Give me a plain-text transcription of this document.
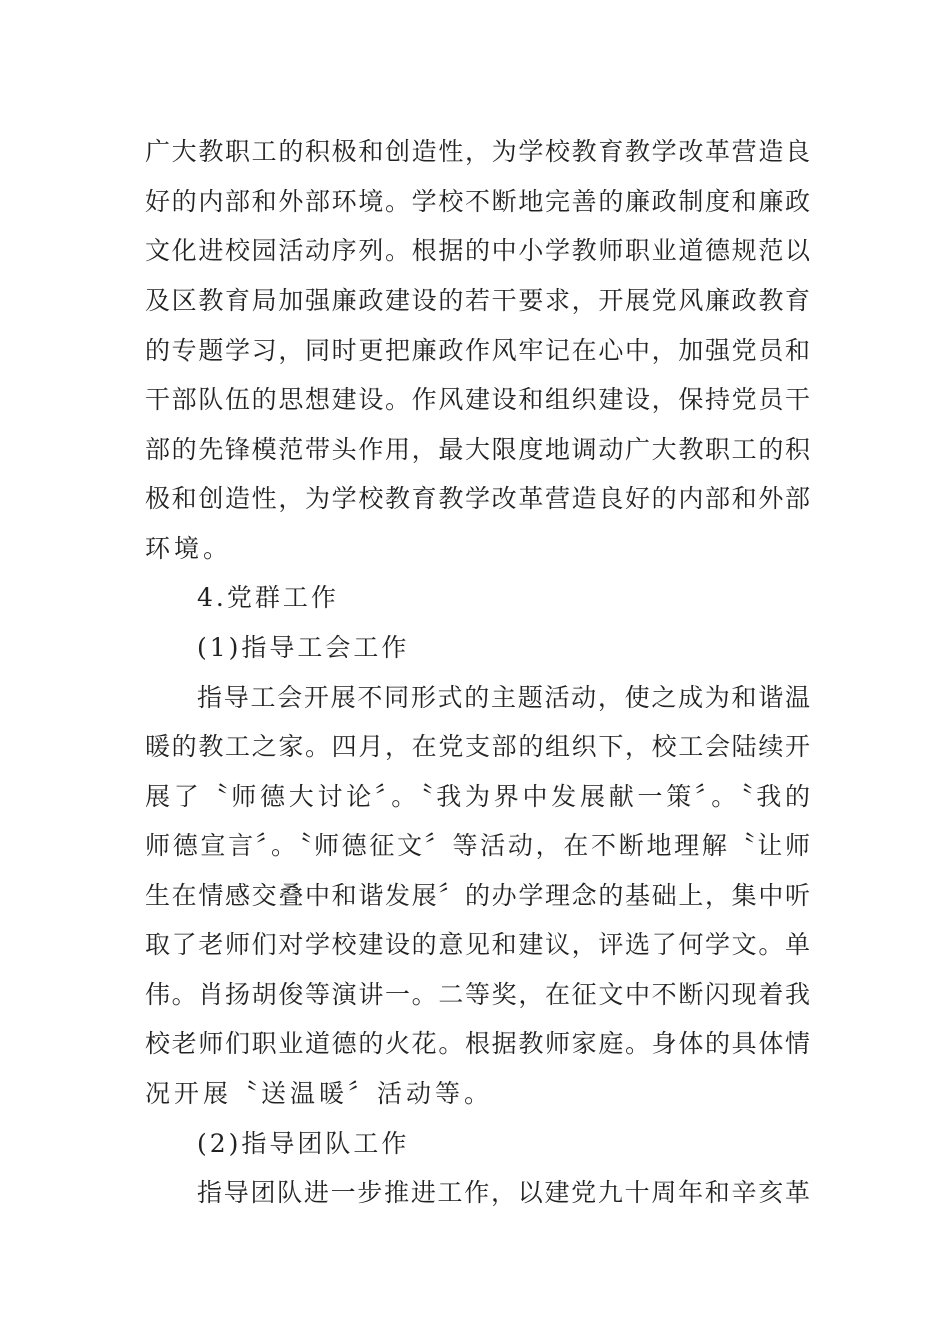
广大教职工的积极和创造性，为学校教育教学改革营造良
好的内部和外部环境。学校不断地完善的廉政制度和廉政
文化进校园活动序列。根据的中小学教师职业道德规范以
及区教育局加强廉政建设的若干要求，开展党风廉政教育
的专题学习，同时更把廉政作风牢记在心中，加强党员和
干部队伍的思想建设。作风建设和组织建设，保持党员干
部的先锋模范带头作用，最大限度地调动广大教职工的积
极和创造性，为学校教育教学改革营造良好的内部和外部
环境。
4.党群工作
(1)指导工会工作
指导工会开展不同形式的主题活动，使之成为和谐温
暖的教工之家。四月，在党支部的组织下，校工会陆续开
展了〝师德大讨论〞。〝我为界中发展献一策〞。〝我的
师德宣言〞。〝师德征文〞等活动，在不断地理解〝让师
生在情感交叠中和谐发展〞的办学理念的基础上，集中听
取了老师们对学校建设的意见和建议，评选了何学文。单
伟。肖扬胡俊等演讲一。二等奖，在征文中不断闪现着我
校老师们职业道德的火花。根据教师家庭。身体的具体情
况开展〝送温暖〞活动等。
(2)指导团队工作
指导团队进一步推进工作，以建党九十周年和辛亥革
